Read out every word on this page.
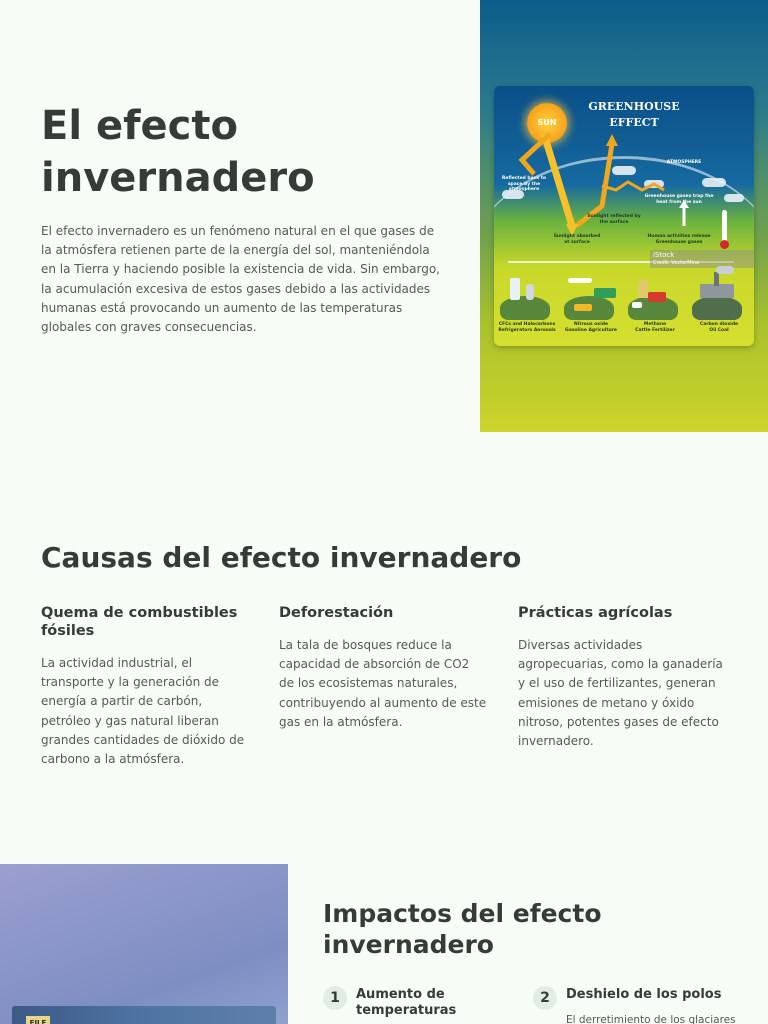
El efecto invernadero

El efecto invernadero es un fenómeno natural en el que gases de la atmósfera retienen parte de la energía del sol, manteniéndola en la Tierra y haciendo posible la existencia de vida. Sin embargo, la acumulación excesiva de estos gases debido a las actividades humanas está provocando un aumento de las temperaturas globales con graves consecuencias.

SUN
GREENHOUSE
EFFECT
ATMOSPHERE
Reflected back to space by the atmosphere
Sunlight absorbed at surface
Sunlight reflected by the surface
Greenhouse gases trap the heat from the sun
Human activities release Greenhouse gases
iStock
Credit: VectorMine
CFCs and Halocarbons
Refrigerators Aerosols
Nitrous oxide
Gasoline Agriculture
Methane
Cattle Fertilizer
Carbon dioxide
Oil Coal
Causas del efecto invernadero
Quema de combustibles fósiles

La actividad industrial, el transporte y la generación de energía a partir de carbón, petróleo y gas natural liberan grandes cantidades de dióxido de carbono a la atmósfera.

Deforestación

La tala de bosques reduce la capacidad de absorción de CO2 de los ecosistemas naturales, contribuyendo al aumento de este gas en la atmósfera.

Prácticas agrícolas

Diversas actividades agropecuarias, como la ganadería y el uso de fertilizantes, generan emisiones de metano y óxido nitroso, potentes gases de efecto invernadero.

FILE
Impactos del efecto invernadero
1	Aumento de temperaturas
2	Deshielo de los polos
El derretimiento de los glaciares
